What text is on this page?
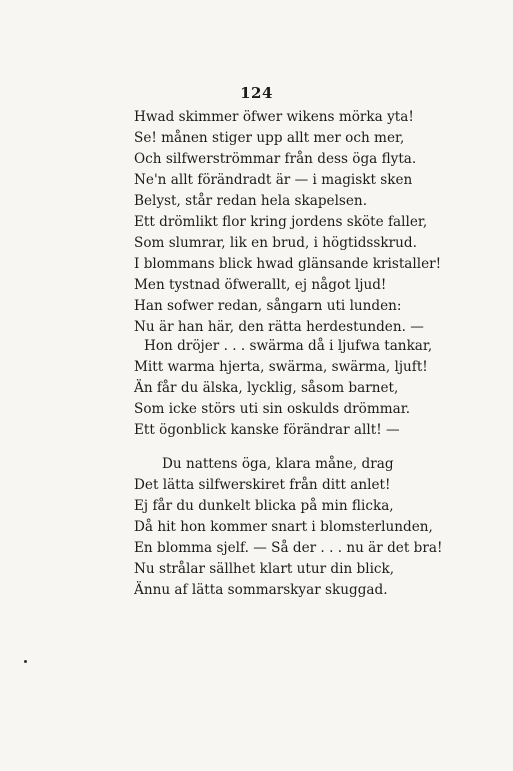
124
Hwad skimmer öfwer wikens mörka yta!
Se! månen stiger upp allt mer och mer,
Och silfwerströmmar från dess öga flyta.
Ne'n allt förändradt är — i magiskt sken
Belyst, står redan hela skapelsen.
Ett drömlikt flor kring jordens sköte faller,
Som slumrar, lik en brud, i högtidsskrud.
I blommans blick hwad glänsande kristaller!
Men tystnad öfwerallt, ej något ljud!
Han sofwer redan, sångarn uti lunden:
Nu är han här, den rätta herdestunden. —
Hon dröjer . . . swärma då i ljufwa tankar,
Mitt warma hjerta, swärma, swärma, ljuft!
Än får du älska, lycklig, såsom barnet,
Som icke störs uti sin oskulds drömmar.
Ett ögonblick kanske förändrar allt! —
Du nattens öga, klara måne, drag
Det lätta silfwerskiret från ditt anlet!
Ej får du dunkelt blicka på min flicka,
Då hit hon kommer snart i blomsterlunden,
En blomma sjelf. — Så der . . . nu är det bra!
Nu strålar sällhet klart utur din blick,
Ännu af lätta sommarskyar skuggad.
